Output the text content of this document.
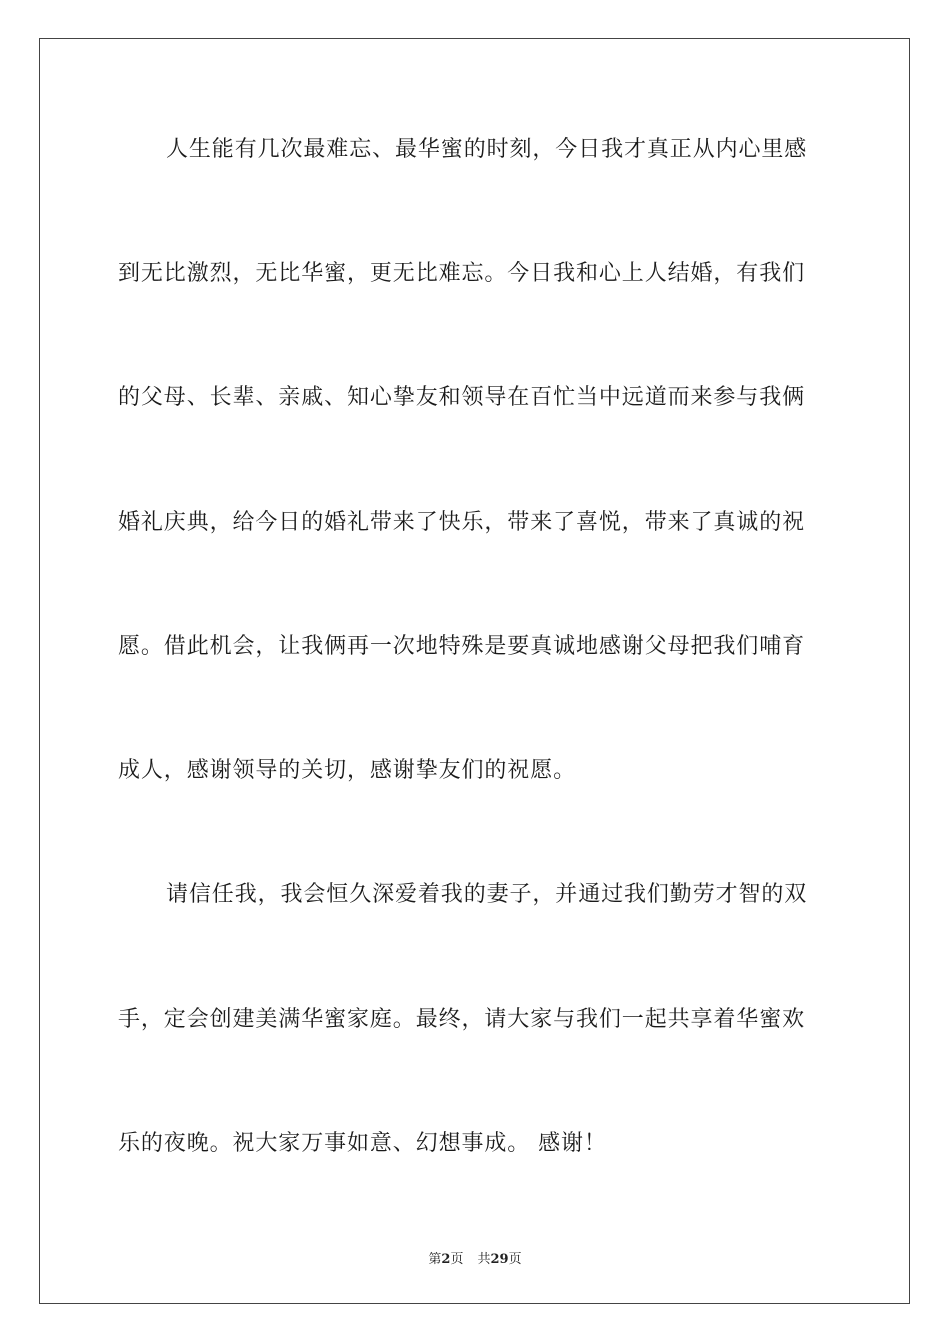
人生能有几次最难忘、最华蜜的时刻，今日我才真正从内心里感
到无比激烈，无比华蜜，更无比难忘。今日我和心上人结婚，有我们
的父母、长辈、亲戚、知心挚友和领导在百忙当中远道而来参与我俩
婚礼庆典，给今日的婚礼带来了快乐，带来了喜悦，带来了真诚的祝
愿。借此机会，让我俩再一次地特殊是要真诚地感谢父母把我们哺育
成人，感谢领导的关切，感谢挚友们的祝愿。
请信任我，我会恒久深爱着我的妻子，并通过我们勤劳才智的双
手，定会创建美满华蜜家庭。最终，请大家与我们一起共享着华蜜欢
乐的夜晚。祝大家万事如意、幻想事成。 感谢！
第2页 共29页
